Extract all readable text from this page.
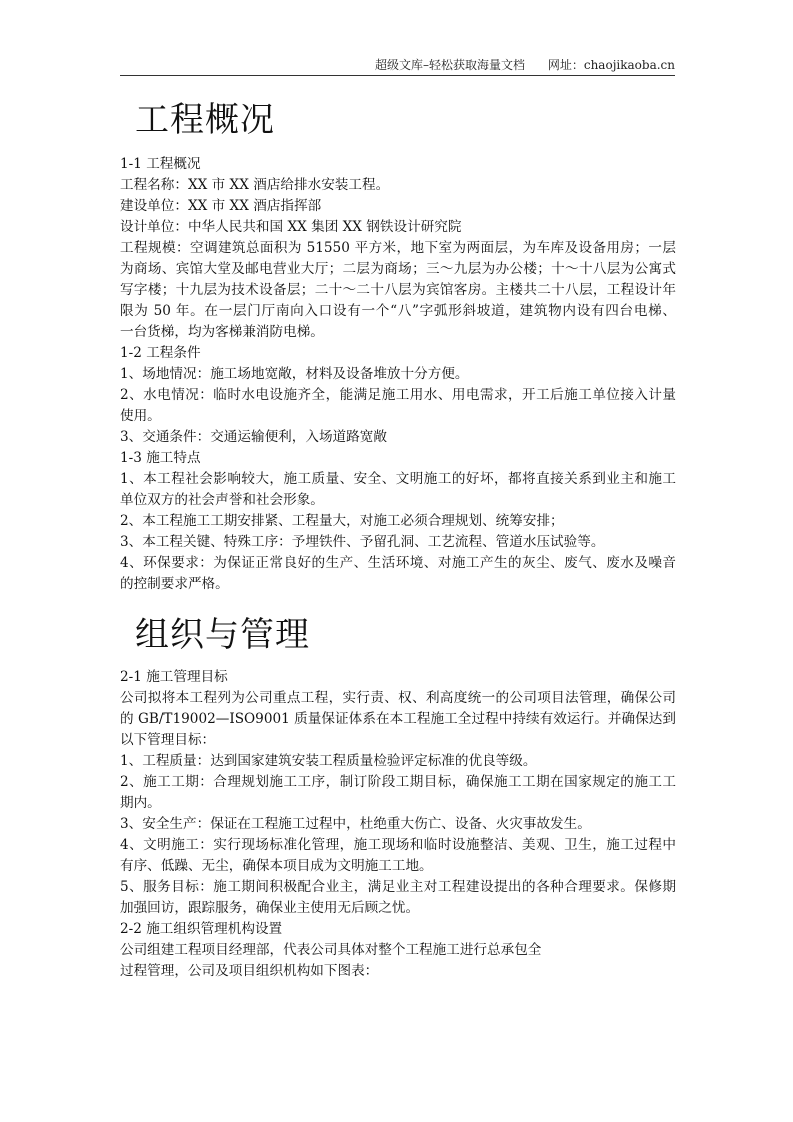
超级文库–轻松获取海量文档 网址：chaojikaoba.cn
工程概况
1-1 工程概况
工程名称：XX 市 XX 酒店给排水安装工程。
建设单位：XX 市 XX 酒店指挥部
设计单位：中华人民共和国 XX 集团 XX 钢铁设计研究院
工程规模：空调建筑总面积为 51550 平方米，地下室为两面层，为车库及设备用房；一层
为商场、宾馆大堂及邮电营业大厅；二层为商场；三～九层为办公楼；十～十八层为公寓式
写字楼；十九层为技术设备层；二十～二十八层为宾馆客房。主楼共二十八层，工程设计年
限为 50 年。在一层门厅南向入口设有一个“八”字弧形斜坡道，建筑物内设有四台电梯、
一台货梯，均为客梯兼消防电梯。
1-2 工程条件
1、场地情况：施工场地宽敞，材料及设备堆放十分方便。
2、水电情况：临时水电设施齐全，能满足施工用水、用电需求，开工后施工单位接入计量
使用。
3、交通条件：交通运输便利，入场道路宽敞
1-3 施工特点
1、本工程社会影响较大，施工质量、安全、文明施工的好坏，都将直接关系到业主和施工
单位双方的社会声誉和社会形象。
2、本工程施工工期安排紧、工程量大，对施工必须合理规划、统筹安排；
3、本工程关键、特殊工序：予埋铁件、予留孔洞、工艺流程、管道水压试验等。
4、环保要求：为保证正常良好的生产、生活环境、对施工产生的灰尘、废气、废水及噪音
的控制要求严格。
组织与管理
2-1 施工管理目标
公司拟将本工程列为公司重点工程，实行责、权、利高度统一的公司项目法管理，确保公司
的 GB/T19002—ISO9001 质量保证体系在本工程施工全过程中持续有效运行。并确保达到
以下管理目标：
1、工程质量：达到国家建筑安装工程质量检验评定标准的优良等级。
2、施工工期：合理规划施工工序，制订阶段工期目标，确保施工工期在国家规定的施工工
期内。
3、安全生产：保证在工程施工过程中，杜绝重大伤亡、设备、火灾事故发生。
4、文明施工：实行现场标准化管理，施工现场和临时设施整洁、美观、卫生，施工过程中
有序、低躁、无尘，确保本项目成为文明施工工地。
5、服务目标：施工期间积极配合业主，满足业主对工程建设提出的各种合理要求。保修期
加强回访，跟踪服务，确保业主使用无后顾之忧。
2-2 施工组织管理机构设置
公司组建工程项目经理部，代表公司具体对整个工程施工进行总承包全
过程管理，公司及项目组织机构如下图表：
